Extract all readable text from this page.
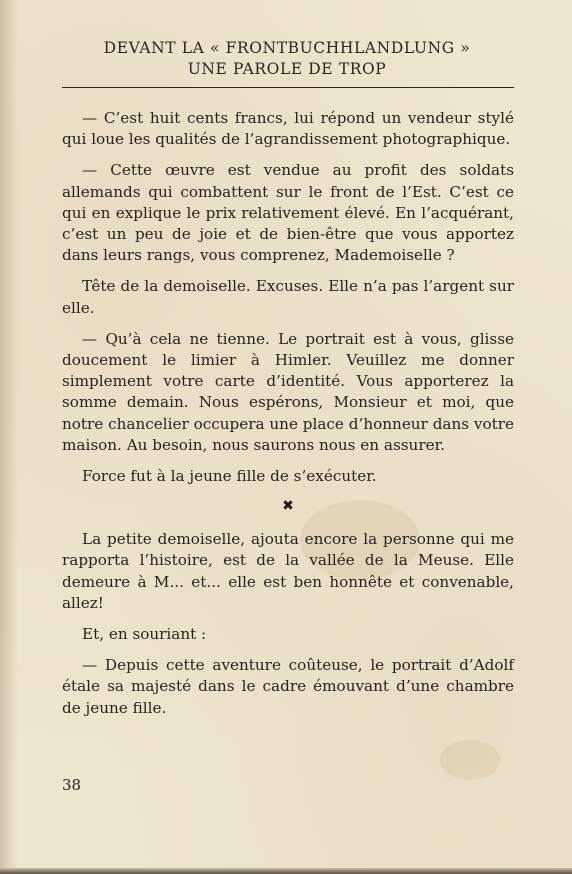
DEVANT LA « FRONTBUCHHLANDLUNG »
UNE PAROLE DE TROP

— C’est huit cents francs, lui répond un vendeur stylé qui loue les qualités de l’agrandissement photographique.

— Cette œuvre est vendue au profit des soldats allemands qui combattent sur le front de l’Est. C’est ce qui en explique le prix relativement élevé. En l’acquérant, c’est un peu de joie et de bien-être que vous apportez dans leurs rangs, vous comprenez, Mademoiselle ?

Tête de la demoiselle. Excuses. Elle n’a pas l’argent sur elle.

— Qu’à cela ne tienne. Le portrait est à vous, glisse doucement le limier à Himler. Veuillez me donner simplement votre carte d’identité. Vous apporterez la somme demain. Nous espérons, Monsieur et moi, que notre chancelier occupera une place d’honneur dans votre maison. Au besoin, nous saurons nous en assurer.

Force fut à la jeune fille de s’exécuter.

✖

La petite demoiselle, ajouta encore la personne qui me rapporta l’histoire, est de la vallée de la Meuse. Elle demeure à M... et... elle est ben honnête et convenable, allez!

Et, en souriant :

— Depuis cette aventure coûteuse, le portrait d’Adolf étale sa majesté dans le cadre émouvant d’une chambre de jeune fille.

38
